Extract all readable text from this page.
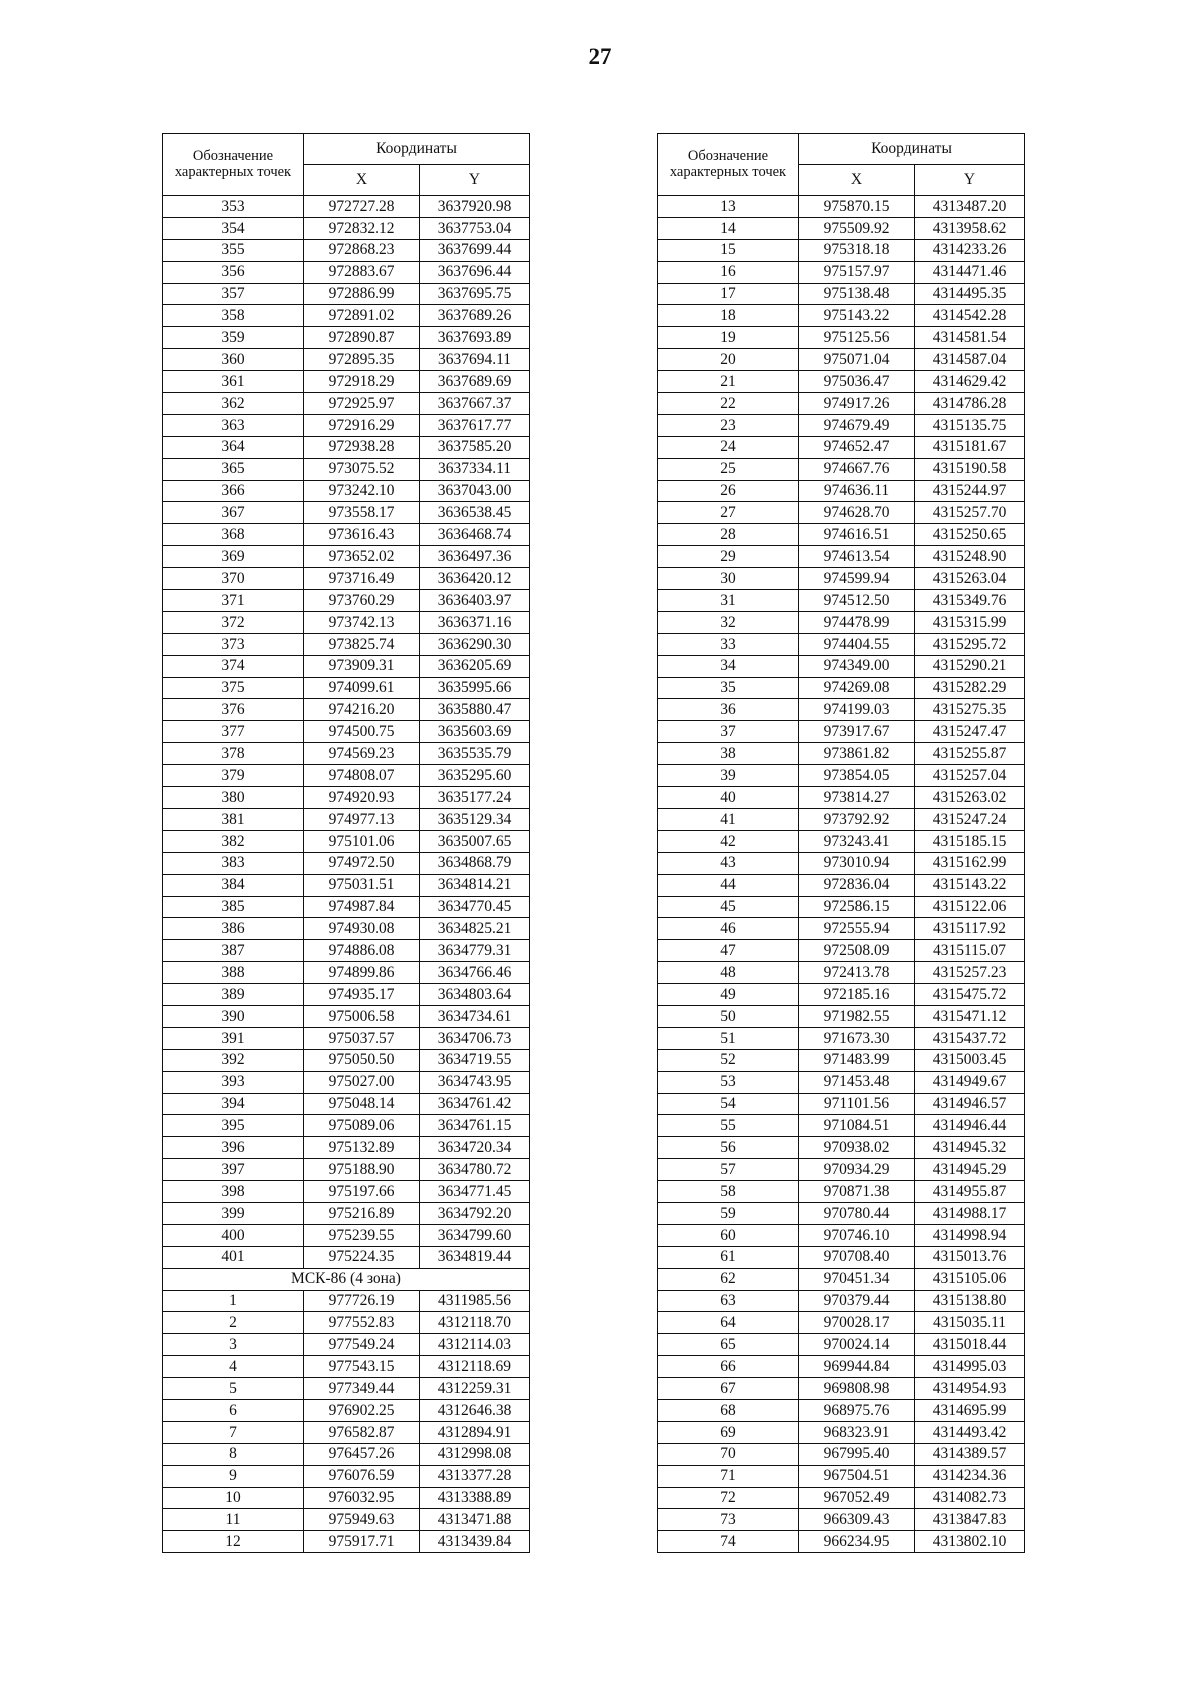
27
Обозначение характерных точек	Координаты	
	X	Y
353	972727.28	3637920.98
354	972832.12	3637753.04
355	972868.23	3637699.44
356	972883.67	3637696.44
357	972886.99	3637695.75
358	972891.02	3637689.26
359	972890.87	3637693.89
360	972895.35	3637694.11
361	972918.29	3637689.69
362	972925.97	3637667.37
363	972916.29	3637617.77
364	972938.28	3637585.20
365	973075.52	3637334.11
366	973242.10	3637043.00
367	973558.17	3636538.45
368	973616.43	3636468.74
369	973652.02	3636497.36
370	973716.49	3636420.12
371	973760.29	3636403.97
372	973742.13	3636371.16
373	973825.74	3636290.30
374	973909.31	3636205.69
375	974099.61	3635995.66
376	974216.20	3635880.47
377	974500.75	3635603.69
378	974569.23	3635535.79
379	974808.07	3635295.60
380	974920.93	3635177.24
381	974977.13	3635129.34
382	975101.06	3635007.65
383	974972.50	3634868.79
384	975031.51	3634814.21
385	974987.84	3634770.45
386	974930.08	3634825.21
387	974886.08	3634779.31
388	974899.86	3634766.46
389	974935.17	3634803.64
390	975006.58	3634734.61
391	975037.57	3634706.73
392	975050.50	3634719.55
393	975027.00	3634743.95
394	975048.14	3634761.42
395	975089.06	3634761.15
396	975132.89	3634720.34
397	975188.90	3634780.72
398	975197.66	3634771.45
399	975216.89	3634792.20
400	975239.55	3634799.60
401	975224.35	3634819.44
МСК-86 (4 зона)		
1	977726.19	4311985.56
2	977552.83	4312118.70
3	977549.24	4312114.03
4	977543.15	4312118.69
5	977349.44	4312259.31
6	976902.25	4312646.38
7	976582.87	4312894.91
8	976457.26	4312998.08
9	976076.59	4313377.28
10	976032.95	4313388.89
11	975949.63	4313471.88
12	975917.71	4313439.84
Обозначение характерных точек	Координаты	
	X	Y
13	975870.15	4313487.20
14	975509.92	4313958.62
15	975318.18	4314233.26
16	975157.97	4314471.46
17	975138.48	4314495.35
18	975143.22	4314542.28
19	975125.56	4314581.54
20	975071.04	4314587.04
21	975036.47	4314629.42
22	974917.26	4314786.28
23	974679.49	4315135.75
24	974652.47	4315181.67
25	974667.76	4315190.58
26	974636.11	4315244.97
27	974628.70	4315257.70
28	974616.51	4315250.65
29	974613.54	4315248.90
30	974599.94	4315263.04
31	974512.50	4315349.76
32	974478.99	4315315.99
33	974404.55	4315295.72
34	974349.00	4315290.21
35	974269.08	4315282.29
36	974199.03	4315275.35
37	973917.67	4315247.47
38	973861.82	4315255.87
39	973854.05	4315257.04
40	973814.27	4315263.02
41	973792.92	4315247.24
42	973243.41	4315185.15
43	973010.94	4315162.99
44	972836.04	4315143.22
45	972586.15	4315122.06
46	972555.94	4315117.92
47	972508.09	4315115.07
48	972413.78	4315257.23
49	972185.16	4315475.72
50	971982.55	4315471.12
51	971673.30	4315437.72
52	971483.99	4315003.45
53	971453.48	4314949.67
54	971101.56	4314946.57
55	971084.51	4314946.44
56	970938.02	4314945.32
57	970934.29	4314945.29
58	970871.38	4314955.87
59	970780.44	4314988.17
60	970746.10	4314998.94
61	970708.40	4315013.76
62	970451.34	4315105.06
63	970379.44	4315138.80
64	970028.17	4315035.11
65	970024.14	4315018.44
66	969944.84	4314995.03
67	969808.98	4314954.93
68	968975.76	4314695.99
69	968323.91	4314493.42
70	967995.40	4314389.57
71	967504.51	4314234.36
72	967052.49	4314082.73
73	966309.43	4313847.83
74	966234.95	4313802.10
